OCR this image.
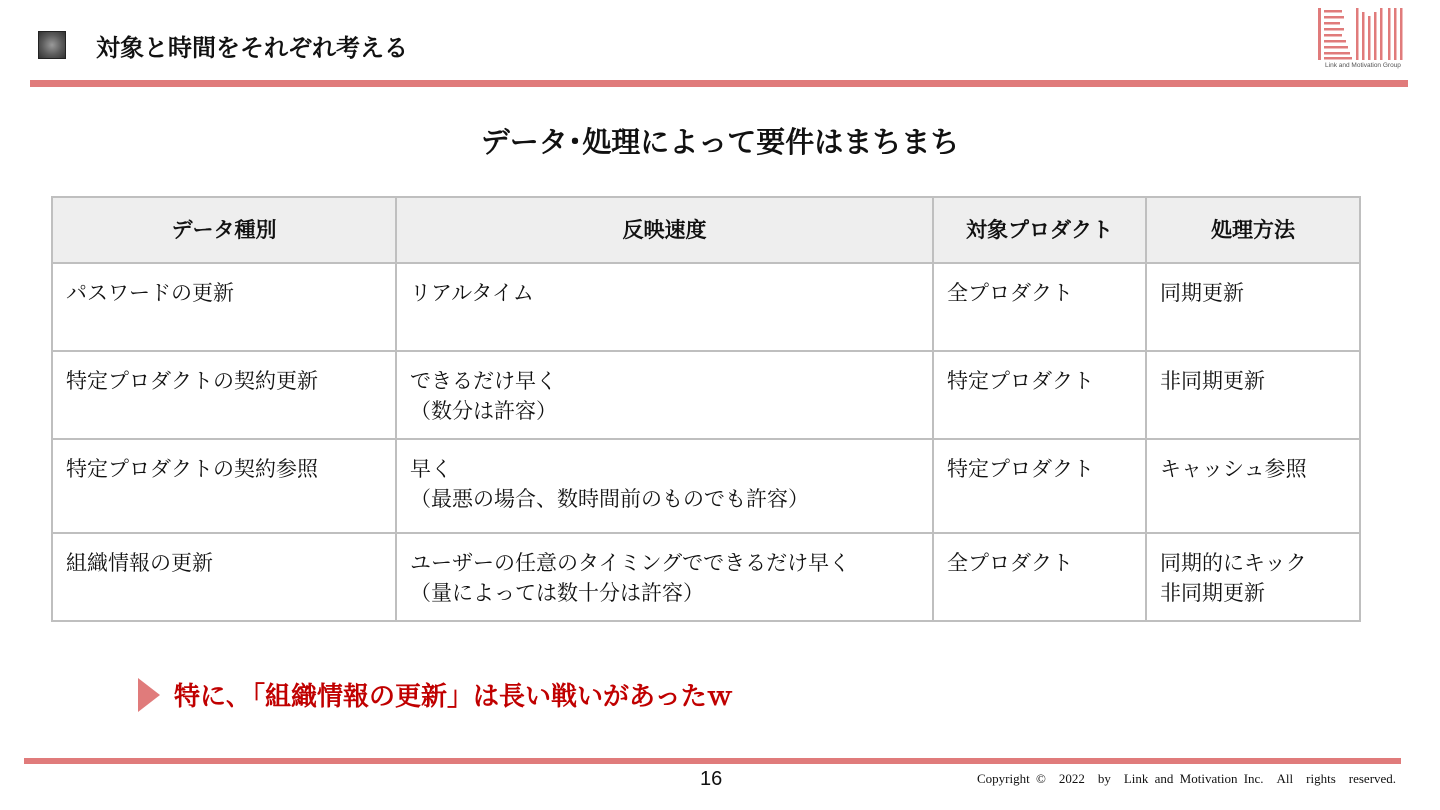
対象と時間をそれぞれ考える
Link and Motivation Group
データ･処理によって要件はまちまち
データ種別	反映速度	対象プロダクト	処理方法

パスワードの更新	リアルタイム	全プロダクト	同期更新

特定プロダクトの契約更新	できるだけ早く
（数分は許容）	特定プロダクト	非同期更新

特定プロダクトの契約参照	早く
（最悪の場合、数時間前のものでも許容）	特定プロダクト	キャッシュ参照

組織情報の更新	ユーザーの任意のタイミングでできるだけ早く
（量によっては数十分は許容）	全プロダクト	同期的にキック
非同期更新
特に､「組織情報の更新」は長い戦いがあったｗ
16	Copyright ©　2022　by　Link and Motivation Inc.　All　rights　reserved.
